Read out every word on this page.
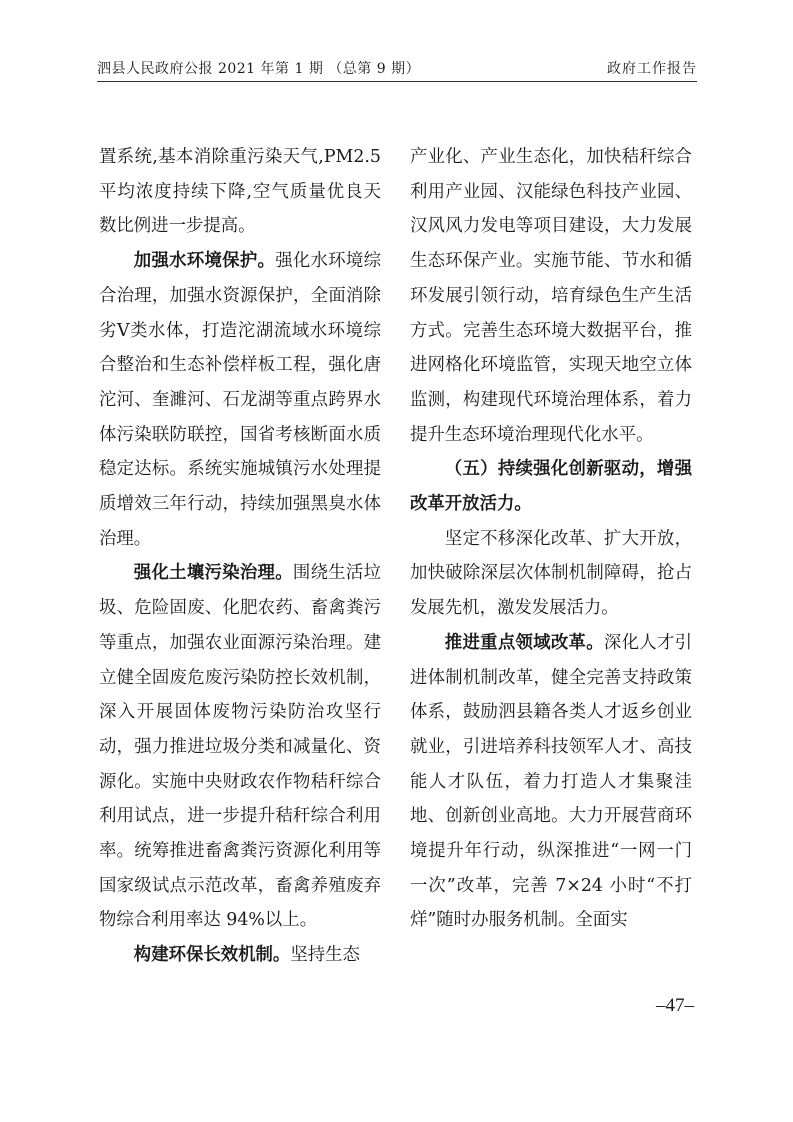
泗县人民政府公报 2021 年第 1 期 （总第 9 期）	政府工作报告

置系统,基本消除重污染天气,PM2.5 平均浓度持续下降,空气质量优良天数比例进一步提高。

加强水环境保护。强化水环境综合治理，加强水资源保护，全面消除劣Ⅴ类水体，打造沱湖流域水环境综合整治和生态补偿样板工程，强化唐沱河、奎濉河、石龙湖等重点跨界水体污染联防联控，国省考核断面水质稳定达标。系统实施城镇污水处理提质增效三年行动，持续加强黑臭水体治理。

强化土壤污染治理。围绕生活垃圾、危险固废、化肥农药、畜禽粪污等重点，加强农业面源污染治理。建立健全固废危废污染防控长效机制，深入开展固体废物污染防治攻坚行动，强力推进垃圾分类和减量化、资源化。实施中央财政农作物秸秆综合利用试点，进一步提升秸秆综合利用率。统筹推进畜禽粪污资源化利用等国家级试点示范改革，畜禽养殖废弃物综合利用率达 94%以上。

构建环保长效机制。坚持生态

产业化、产业生态化，加快秸秆综合利用产业园、汉能绿色科技产业园、汉风风力发电等项目建设，大力发展生态环保产业。实施节能、节水和循环发展引领行动，培育绿色生产生活方式。完善生态环境大数据平台，推进网格化环境监管，实现天地空立体监测，构建现代环境治理体系，着力提升生态环境治理现代化水平。

（五）持续强化创新驱动，增强改革开放活力。

坚定不移深化改革、扩大开放，加快破除深层次体制机制障碍，抢占发展先机，激发发展活力。

推进重点领域改革。深化人才引进体制机制改革，健全完善支持政策体系，鼓励泗县籍各类人才返乡创业就业，引进培养科技领军人才、高技能人才队伍，着力打造人才集聚洼地、创新创业高地。大力开展营商环境提升年行动，纵深推进“一网一门一次”改革，完善 7×24 小时“不打烊”随时办服务机制。全面实

–47–
